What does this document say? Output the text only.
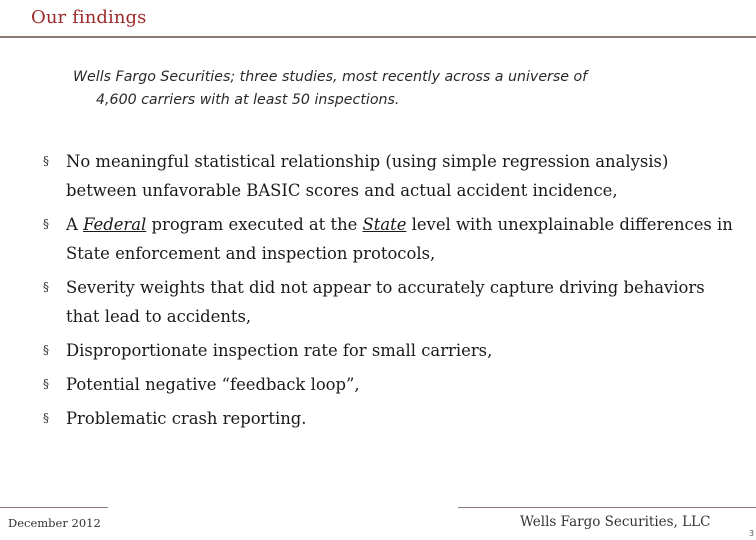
Our findings
Wells Fargo Securities; three studies, most recently across a universe of
4,600 carriers with at least 50 inspections.
§ No meaningful statistical relationship (using simple regression analysis) between unfavorable BASIC scores and actual accident incidence,
§ A Federal program executed at the State level with unexplainable differences in State enforcement and inspection protocols,
§ Severity weights that did not appear to accurately capture driving behaviors that lead to accidents,
§ Disproportionate inspection rate for small carriers,
§ Potential negative “feedback loop”,
§ Problematic crash reporting.
December 2012	Wells Fargo Securities, LLC
3
